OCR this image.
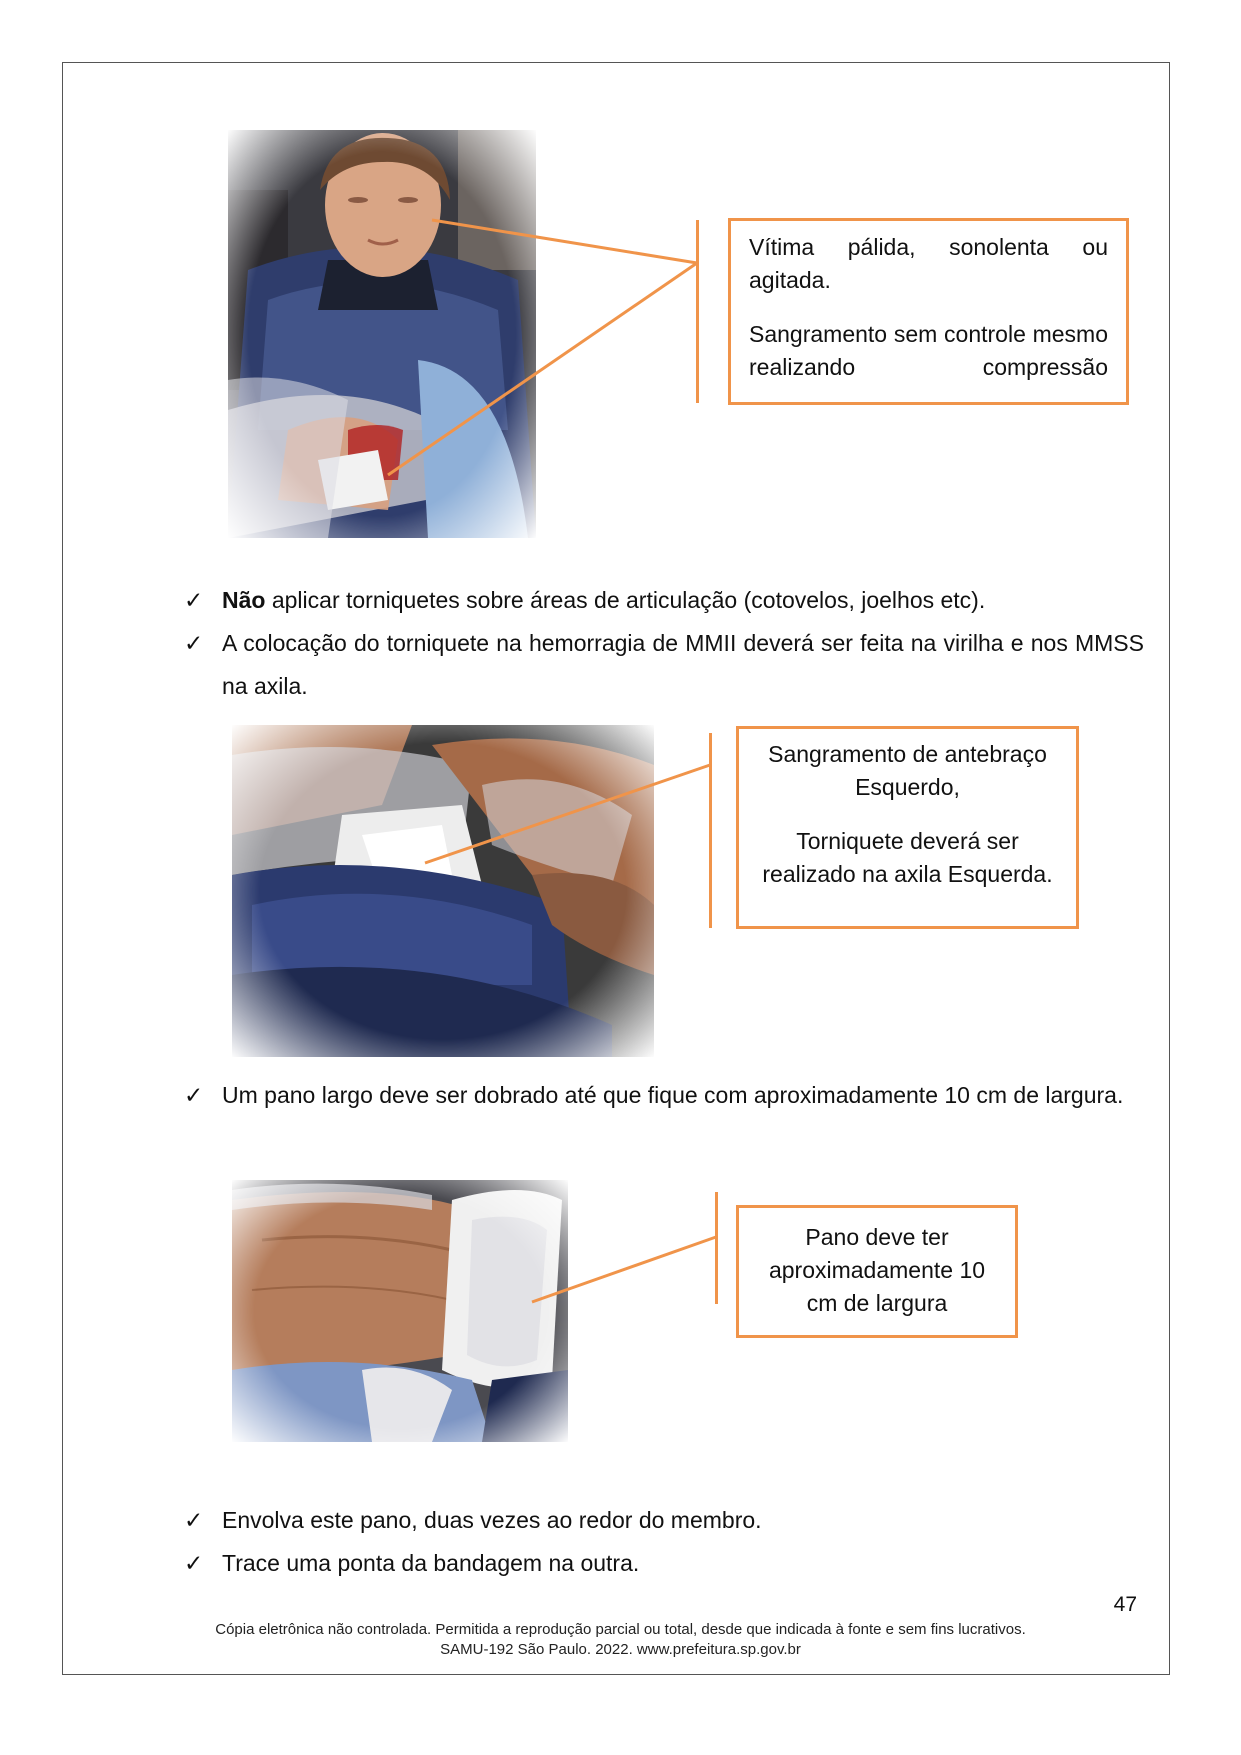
Vítima pálida, sonolenta ou agitada.

Sangramento sem controle mesmo realizando compressão

Sangramento de antebraço Esquerdo,

Torniquete deverá ser realizado na axila Esquerda.

Pano deve ter aproximadamente 10 cm de largura

✓ Não aplicar torniquetes sobre áreas de articulação (cotovelos, joelhos etc).
✓ A colocação do torniquete na hemorragia de MMII deverá ser feita na virilha e nos MMSS na axila.
✓ Um pano largo deve ser dobrado até que fique com aproximadamente 10 cm de largura.
✓ Envolva este pano, duas vezes ao redor do membro.
✓ Trace uma ponta da bandagem na outra.
47
Cópia eletrônica não controlada. Permitida a reprodução parcial ou total, desde que indicada à fonte e sem fins lucrativos.
SAMU-192 São Paulo. 2022. www.prefeitura.sp.gov.br
